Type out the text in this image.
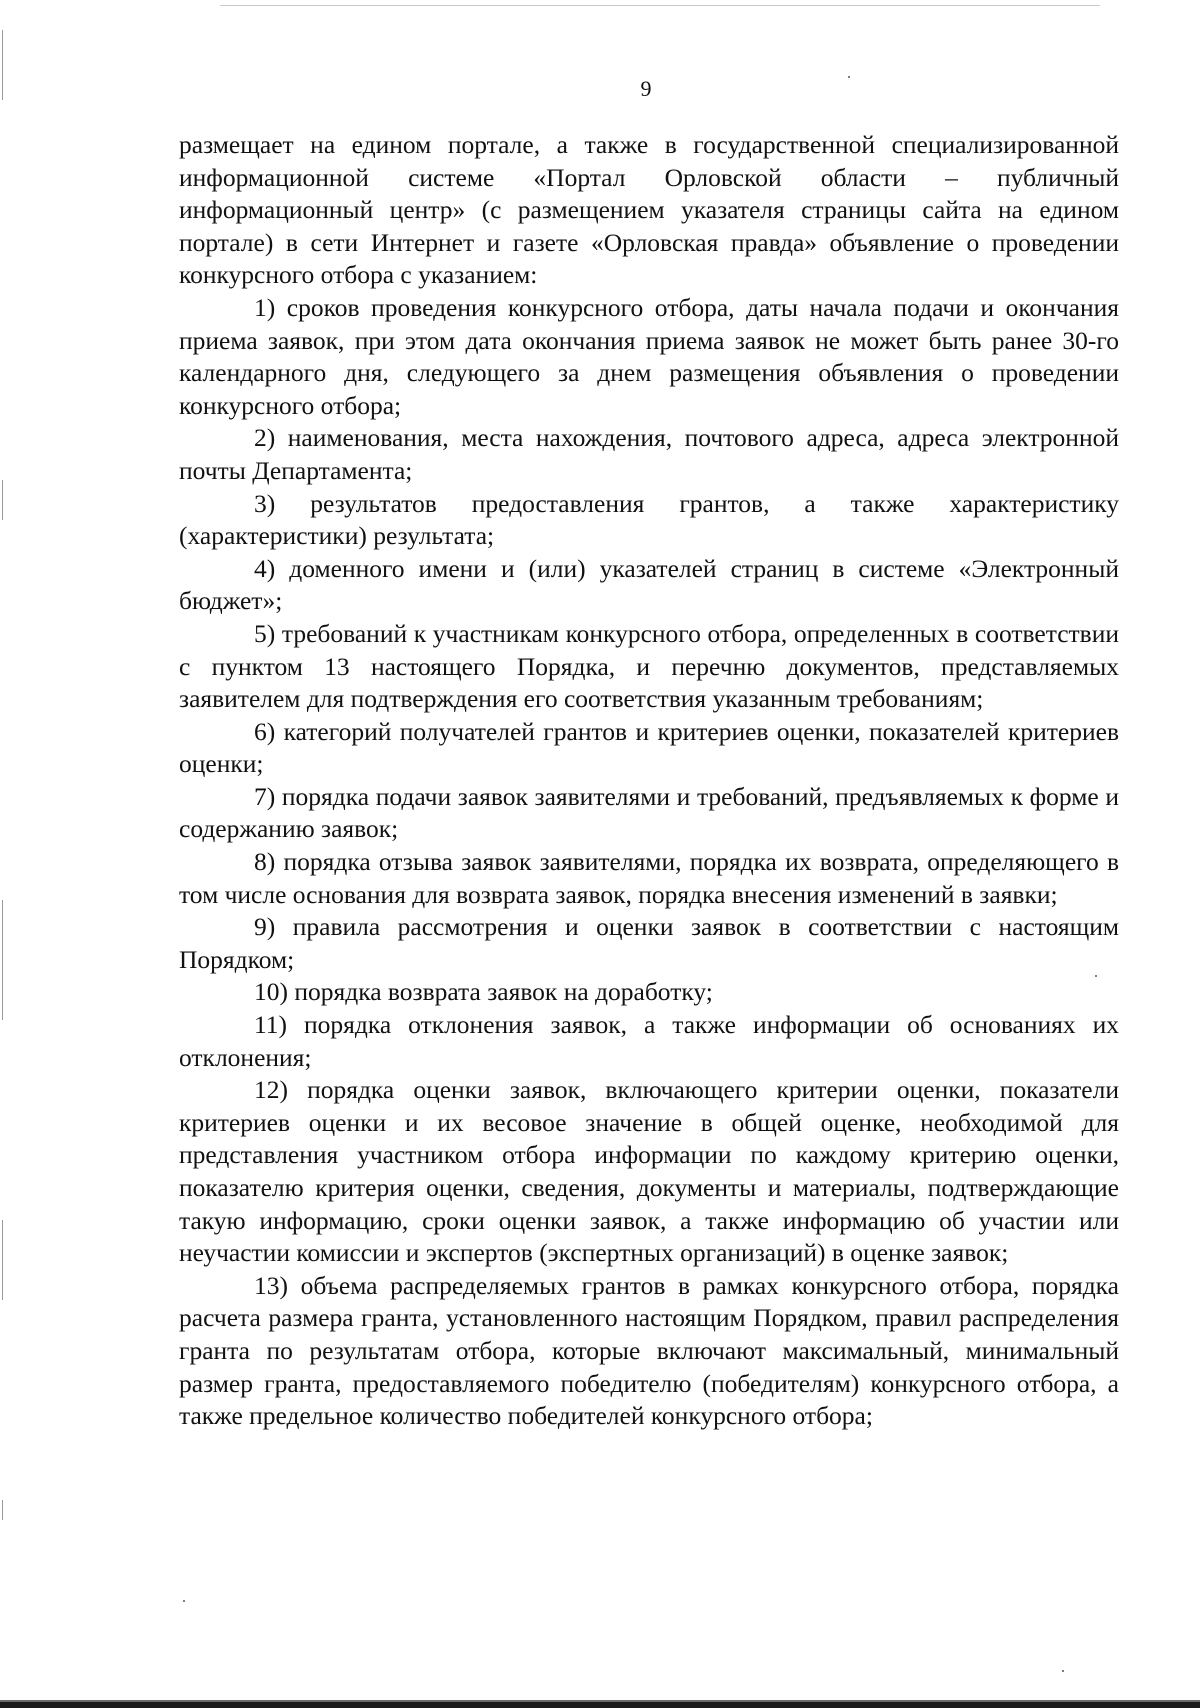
9

размещает на едином портале, а также в государственной специализированной информационной системе «Портал Орловской области – публичный информационный центр» (с размещением указателя страницы сайта на едином портале) в сети Интернет и газете «Орловская правда» объявление о проведении конкурсного отбора с указанием:

1) сроков проведения конкурсного отбора, даты начала подачи и окончания приема заявок, при этом дата окончания приема заявок не может быть ранее 30-го календарного дня, следующего за днем размещения объявления о проведении конкурсного отбора;

2) наименования, места нахождения, почтового адреса, адреса электронной почты Департамента;

3) результатов предоставления грантов, а также характеристику (характеристики) результата;

4) доменного имени и (или) указателей страниц в системе «Электронный бюджет»;

5) требований к участникам конкурсного отбора, определенных в соответствии с пунктом 13 настоящего Порядка, и перечню документов, представляемых заявителем для подтверждения его соответствия указанным требованиям;

6) категорий получателей грантов и критериев оценки, показателей критериев оценки;

7) порядка подачи заявок заявителями и требований, предъявляемых к форме и содержанию заявок;

8) порядка отзыва заявок заявителями, порядка их возврата, определяющего в том числе основания для возврата заявок, порядка внесения изменений в заявки;

9) правила рассмотрения и оценки заявок в соответствии с настоящим Порядком;

10) порядка возврата заявок на доработку;

11) порядка отклонения заявок, а также информации об основаниях их отклонения;

12) порядка оценки заявок, включающего критерии оценки, показатели критериев оценки и их весовое значение в общей оценке, необходимой для представления участником отбора информации по каждому критерию оценки, показателю критерия оценки, сведения, документы и материалы, подтверждающие такую информацию, сроки оценки заявок, а также информацию об участии или неучастии комиссии и экспертов (экспертных организаций) в оценке заявок;

13) объема распределяемых грантов в рамках конкурсного отбора, порядка расчета размера гранта, установленного настоящим Порядком, правил распределения гранта по результатам отбора, которые включают максимальный, минимальный размер гранта, предоставляемого победителю (победителям) конкурсного отбора, а также предельное количество победителей конкурсного отбора;
